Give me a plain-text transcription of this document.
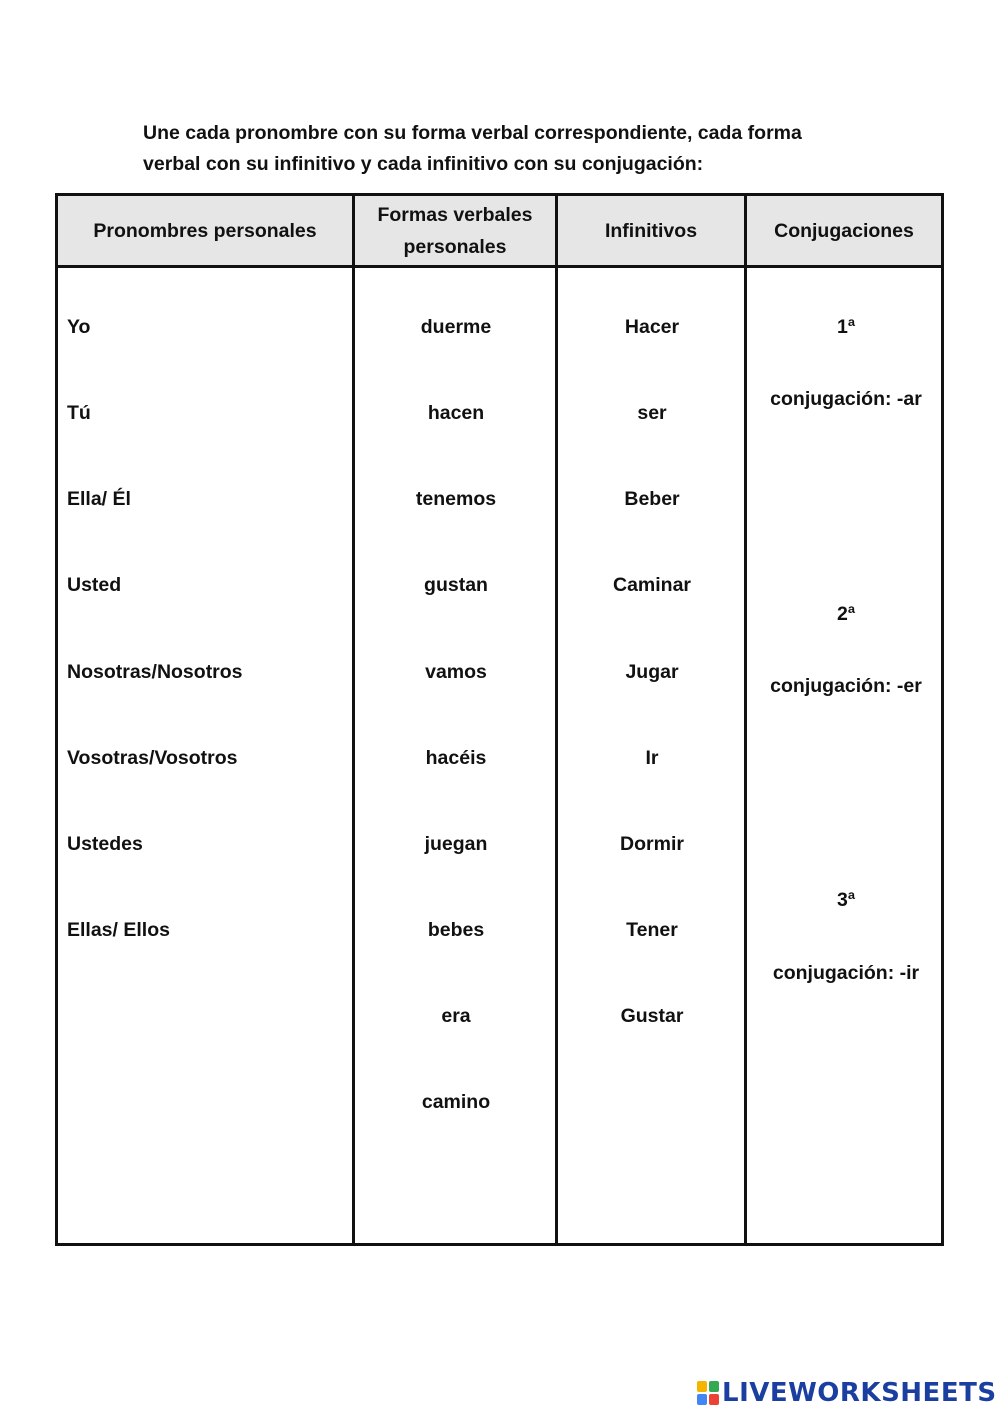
Une cada pronombre con su forma verbal correspondiente, cada forma
verbal con su infinitivo y cada infinitivo con su conjugación:
Pronombres personales
Formas verbales
personales
Infinitivos	Conjugaciones
Yo
Tú
Ella/ Él
Usted
Nosotras/Nosotros
Vosotras/Vosotros
Ustedes
Ellas/ Ellos
duerme
hacen
tenemos
gustan
vamos
hacéis
juegan
bebes
era
camino
Hacer
ser
Beber
Caminar
Jugar
Ir
Dormir
Tener
Gustar
1ª
conjugación: -ar
2ª
conjugación: -er
3ª
conjugación: -ir
LIVEWORKSHEETS
